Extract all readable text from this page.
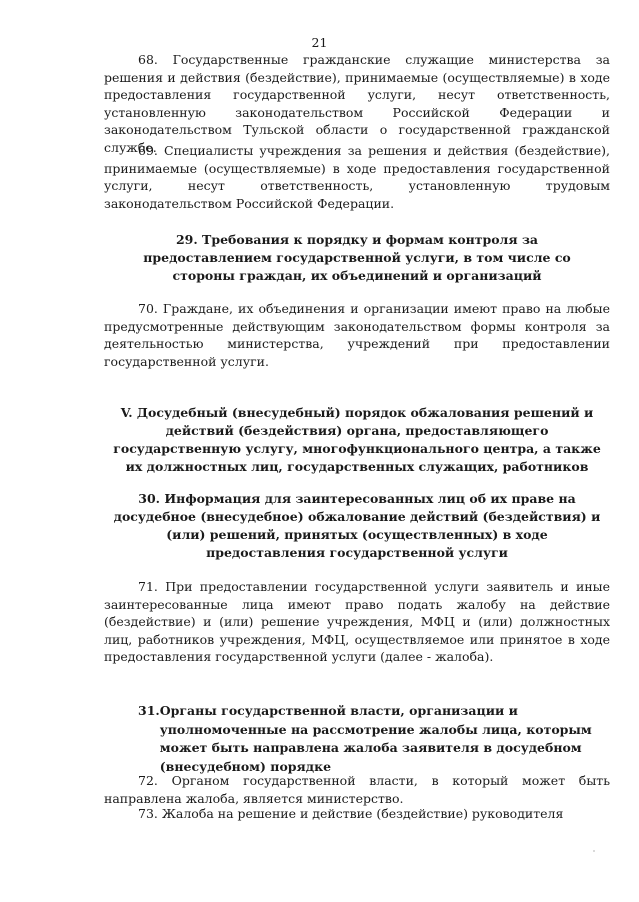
21

68. Государственные гражданские служащие министерства за решения и действия (бездействие), принимаемые (осуществляемые) в ходе предоставления государственной услуги, несут ответственность, установленную законодательством Российской Федерации и законодательством Тульской области о государственной гражданской службе.

69. Специалисты учреждения за решения и действия (бездействие), принимаемые (осуществляемые) в ходе предоставления государственной услуги, несут ответственность, установленную трудовым законодательством Российской Федерации.

29. Требования к порядку и формам контроля за предоставлением государственной услуги, в том числе со стороны граждан, их объединений и организаций

70. Граждане, их объединения и организации имеют право на любые предусмотренные действующим законодательством формы контроля за деятельностью министерства, учреждений при предоставлении государственной услуги.

V. Досудебный (внесудебный) порядок обжалования решений и действий (бездействия) органа, предоставляющего государственную услугу, многофункционального центра, а также их должностных лиц, государственных служащих, работников
30. Информация для заинтересованных лиц об их праве на досудебное (внесудебное) обжалование действий (бездействия) и (или) решений, принятых (осуществленных) в ходе предоставления государственной услуги

71. При предоставлении государственной услуги заявитель и иные заинтересованные лица имеют право подать жалобу на действие (бездействие) и (или) решение учреждения, МФЦ и (или) должностных лиц, работников учреждения, МФЦ, осуществляемое или принятое в ходе предоставления государственной услуги (далее - жалоба).

31. Органы государственной власти, организации и уполномоченные на рассмотрение жалобы лица, которым может быть направлена жалоба заявителя в досудебном (внесудебном) порядке

72. Органом государственной власти, в который может быть направлена жалоба, является министерство.

73. Жалоба на решение и действие (бездействие) руководителя
